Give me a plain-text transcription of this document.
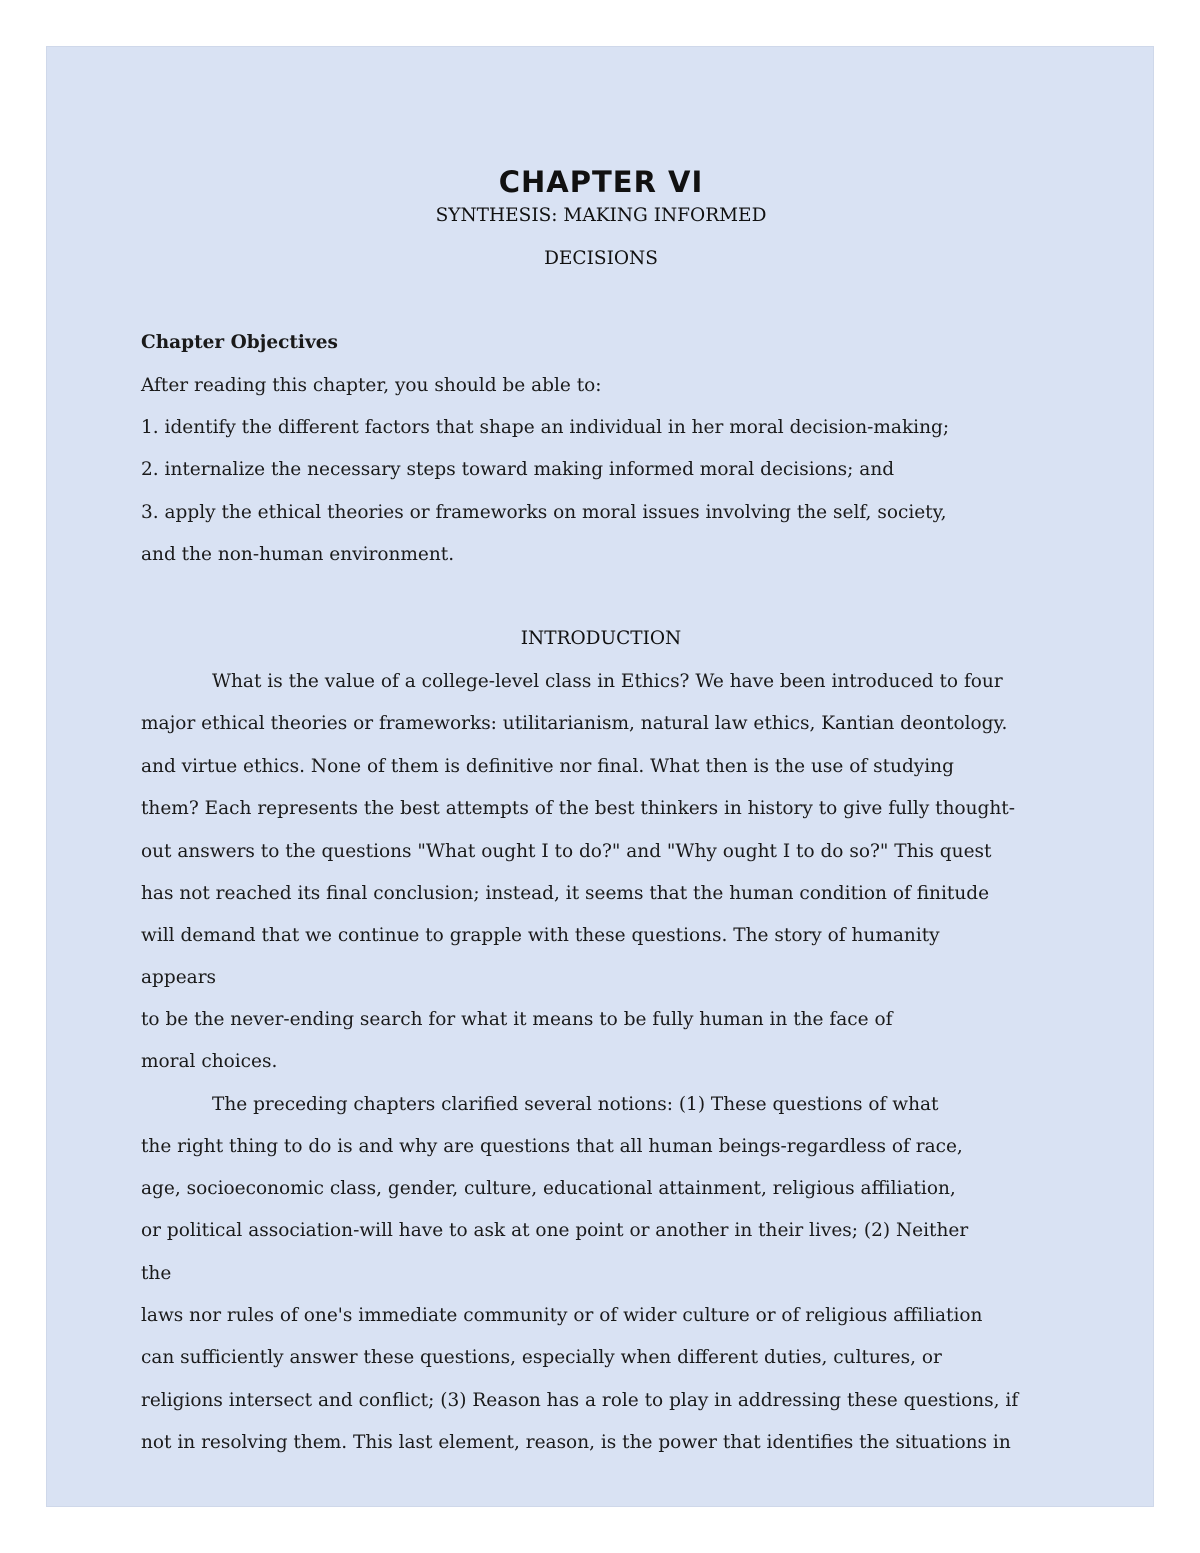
CHAPTER VI

SYNTHESIS: MAKING INFORMED

DECISIONS

Chapter Objectives

After reading this chapter, you should be able to:

1. identify the different factors that shape an individual in her moral decision-making;

2. internalize the necessary steps toward making informed moral decisions; and

3. apply the ethical theories or frameworks on moral issues involving the self, society,

and the non-human environment.

INTRODUCTION

What is the value of a college-level class in Ethics? We have been introduced to four

major ethical theories or frameworks: utilitarianism, natural law ethics, Kantian deontology.

and virtue ethics. None of them is definitive nor final. What then is the use of studying

them? Each represents the best attempts of the best thinkers in history to give fully thought-

out answers to the questions "What ought I to do?" and "Why ought I to do so?" This quest

has not reached its final conclusion; instead, it seems that the human condition of finitude

will demand that we continue to grapple with these questions. The story of humanity

appears

to be the never-ending search for what it means to be fully human in the face of

moral choices.

The preceding chapters clarified several notions: (1) These questions of what

the right thing to do is and why are questions that all human beings-regardless of race,

age, socioeconomic class, gender, culture, educational attainment, religious affiliation,

or political association-will have to ask at one point or another in their lives; (2) Neither

the

laws nor rules of one's immediate community or of wider culture or of religious affiliation

can sufficiently answer these questions, especially when different duties, cultures, or

religions intersect and conflict; (3) Reason has a role to play in addressing these questions, if

not in resolving them. This last element, reason, is the power that identifies the situations in
